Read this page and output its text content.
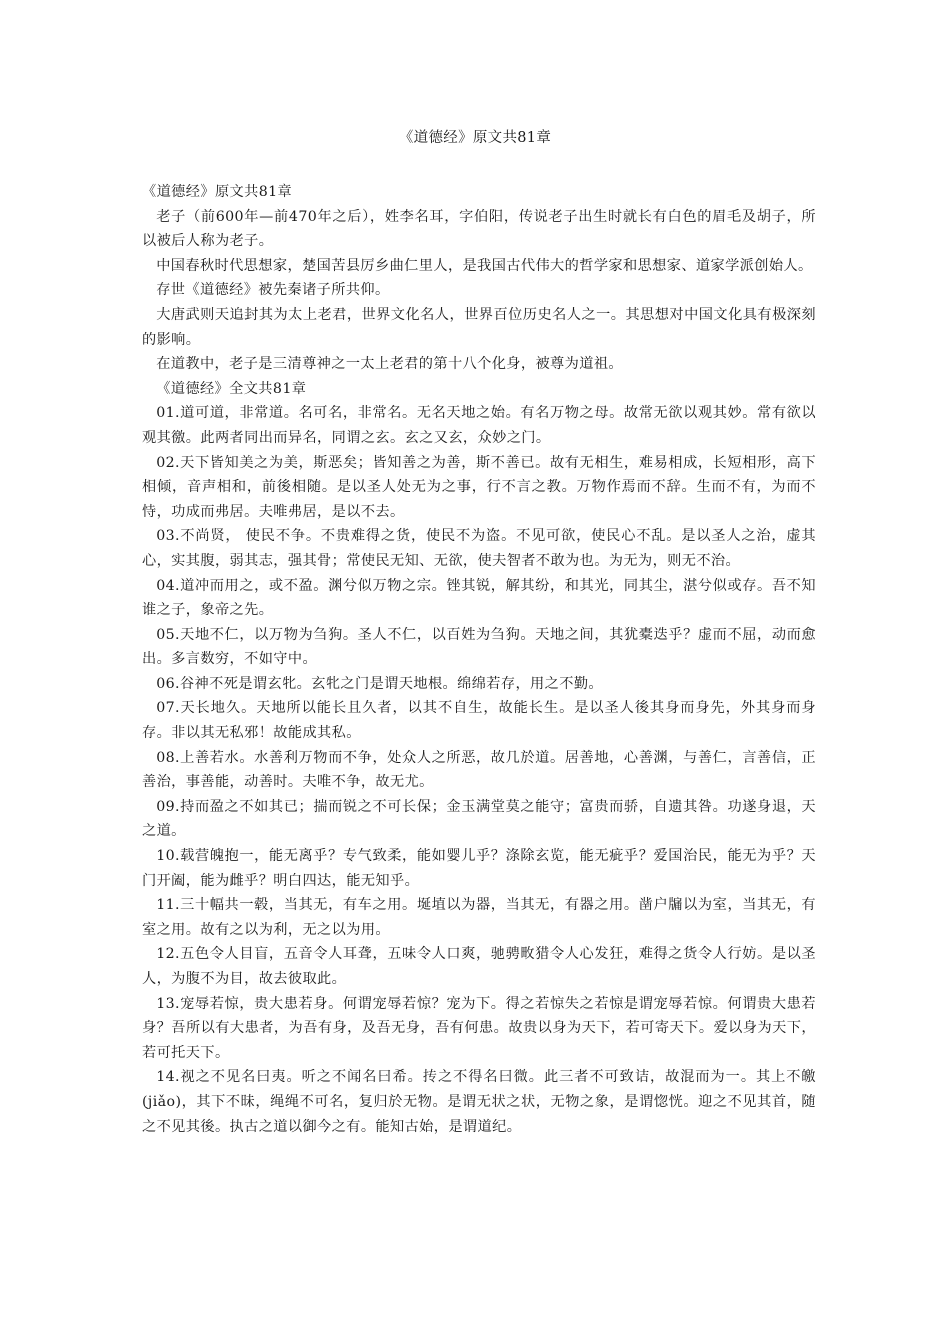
《道德经》原文共81章

《道德经》原文共81章

老子（前600年—前470年之后），姓李名耳，字伯阳，传说老子出生时就长有白色的眉毛及胡子，所以被后人称为老子。

中国春秋时代思想家，楚国苦县厉乡曲仁里人，是我国古代伟大的哲学家和思想家、道家学派创始人。

存世《道德经》被先秦诸子所共仰。

大唐武则天追封其为太上老君，世界文化名人，世界百位历史名人之一。其思想对中国文化具有极深刻的影响。

在道教中，老子是三清尊神之一太上老君的第十八个化身，被尊为道祖。

《道德经》全文共81章

01.道可道，非常道。名可名，非常名。无名天地之始。有名万物之母。故常无欲以观其妙。常有欲以观其徼。此两者同出而异名，同谓之玄。玄之又玄，众妙之门。

02.天下皆知美之为美，斯恶矣；皆知善之为善，斯不善已。故有无相生，难易相成，长短相形，高下相倾，音声相和，前後相随。是以圣人处无为之事，行不言之教。万物作焉而不辞。生而不有，为而不恃，功成而弗居。夫唯弗居，是以不去。

03.不尚贤， 使民不争。不贵难得之货，使民不为盗。不见可欲，使民心不乱。是以圣人之治，虚其心，实其腹，弱其志，强其骨；常使民无知、无欲，使夫智者不敢为也。为无为，则无不治。

04.道冲而用之，或不盈。渊兮似万物之宗。锉其锐，解其纷，和其光，同其尘，湛兮似或存。吾不知谁之子，象帝之先。

05.天地不仁，以万物为刍狗。圣人不仁，以百姓为刍狗。天地之间，其犹橐迭乎？虚而不屈，动而愈出。多言数穷，不如守中。

06.谷神不死是谓玄牝。玄牝之门是谓天地根。绵绵若存，用之不勤。

07.天长地久。天地所以能长且久者，以其不自生，故能长生。是以圣人後其身而身先，外其身而身存。非以其无私邪！故能成其私。

08.上善若水。水善利万物而不争，处众人之所恶，故几於道。居善地，心善渊，与善仁，言善信，正善治，事善能，动善时。夫唯不争，故无尤。

09.持而盈之不如其已；揣而锐之不可长保；金玉满堂莫之能守；富贵而骄，自遗其咎。功遂身退，天之道。

10.载营魄抱一，能无离乎？专气致柔，能如婴儿乎？涤除玄览，能无疵乎？爱国治民，能无为乎？天门开阖，能为雌乎？明白四达，能无知乎。

11.三十幅共一毂，当其无，有车之用。埏埴以为器，当其无，有器之用。凿户牖以为室，当其无，有室之用。故有之以为利，无之以为用。

12.五色令人目盲，五音令人耳聋，五味令人口爽，驰骋畋猎令人心发狂，难得之货令人行妨。是以圣人，为腹不为目，故去彼取此。

13.宠辱若惊，贵大患若身。何谓宠辱若惊？宠为下。得之若惊失之若惊是谓宠辱若惊。何谓贵大患若身？吾所以有大患者，为吾有身，及吾无身，吾有何患。故贵以身为天下，若可寄天下。爱以身为天下，若可托天下。

14.视之不见名曰夷。听之不闻名曰希。抟之不得名曰微。此三者不可致诘，故混而为一。其上不皦(jiǎo)，其下不昧，绳绳不可名，复归於无物。是谓无状之状，无物之象，是谓惚恍。迎之不见其首，随之不见其後。执古之道以御今之有。能知古始，是谓道纪。
